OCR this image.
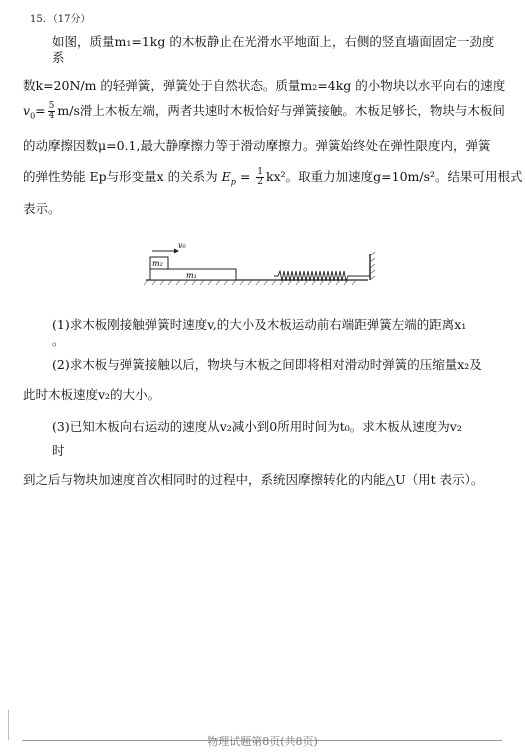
15．（17分）
如图，质量m₁=1kg 的木板静止在光滑水平地面上，右侧的竖直墙面固定一劲度
系
数k=20N/m 的轻弹簧，弹簧处于自然状态。质量m₂=4kg 的小物块以水平向右的速度
$v_0= \frac{5}{4} m/s$滑上木板左端，两者共速时木板恰好与弹簧接触。木板足够长，物块与木板间
的动摩擦因数μ=0.1,最大静摩擦力等于滑动摩擦力。弹簧始终处在弹性限度内，弹簧
的弹性势能 Ep与形变量x 的关系为 $E_p = \frac{1}{2} kx^2$。取重力加速度g=10m/s²。结果可用根式
表示。
m₁
m₂
v₀
(1)求木板刚接触弹簧时速度v,的大小及木板运动前右端距弹簧左端的距离x₁
。
(2)求木板与弹簧接触以后，物块与木板之间即将相对滑动时弹簧的压缩量x₂及
此时木板速度v₂的大小。
(3)已知木板向右运动的速度从v₂减小到0所用时间为t₀。求木板从速度为v₂
时
到之后与物块加速度首次相同时的过程中，系统因摩擦转化的内能△U（用t 表示）。
物理试题第8页(共8页)
